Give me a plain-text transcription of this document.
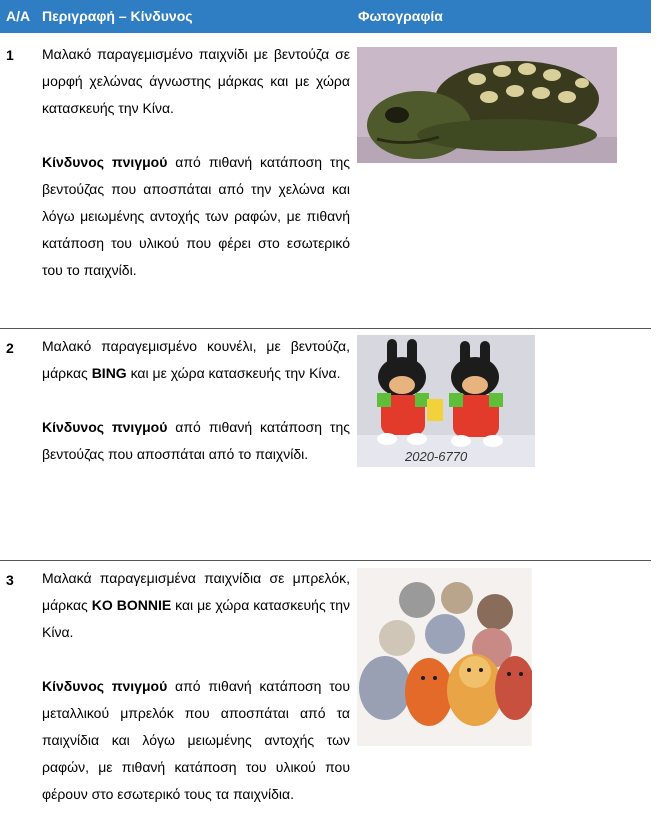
Α/Α Περιγραφή – Κίνδυνος	Φωτογραφία
1 Μαλακό παραγεμισμένο παιχνίδι με βεντούζα σε μορφή χελώνας άγνωστης μάρκας και με χώρα κατασκευής την Κίνα.

Κίνδυνος πνιγμού από πιθανή κατάποση της βεντούζας που αποσπάται από την χελώνα και λόγω μειωμένης αντοχής των ραφών, με πιθανή κατάποση του υλικού που φέρει στο εσωτερικό του το παιχνίδι.

2 Μαλακό παραγεμισμένο κουνέλι, με βεντούζα, μάρκας BING και με χώρα κατασκευής την Κίνα.

Κίνδυνος πνιγμού από πιθανή κατάποση της βεντούζας που αποσπάται από το παιχνίδι.	2020-6770
3 Μαλακά παραγεμισμένα παιχνίδια σε μπρελόκ, μάρκας KO BONNIE και με χώρα κατασκευής την Κίνα.

Κίνδυνος πνιγμού από πιθανή κατάποση του μεταλλικού μπρελόκ που αποσπάται από τα παιχνίδια και λόγω μειωμένης αντοχής των ραφών, με πιθανή κατάποση του υλικού που φέρουν στο εσωτερικό τους τα παιχνίδια.
